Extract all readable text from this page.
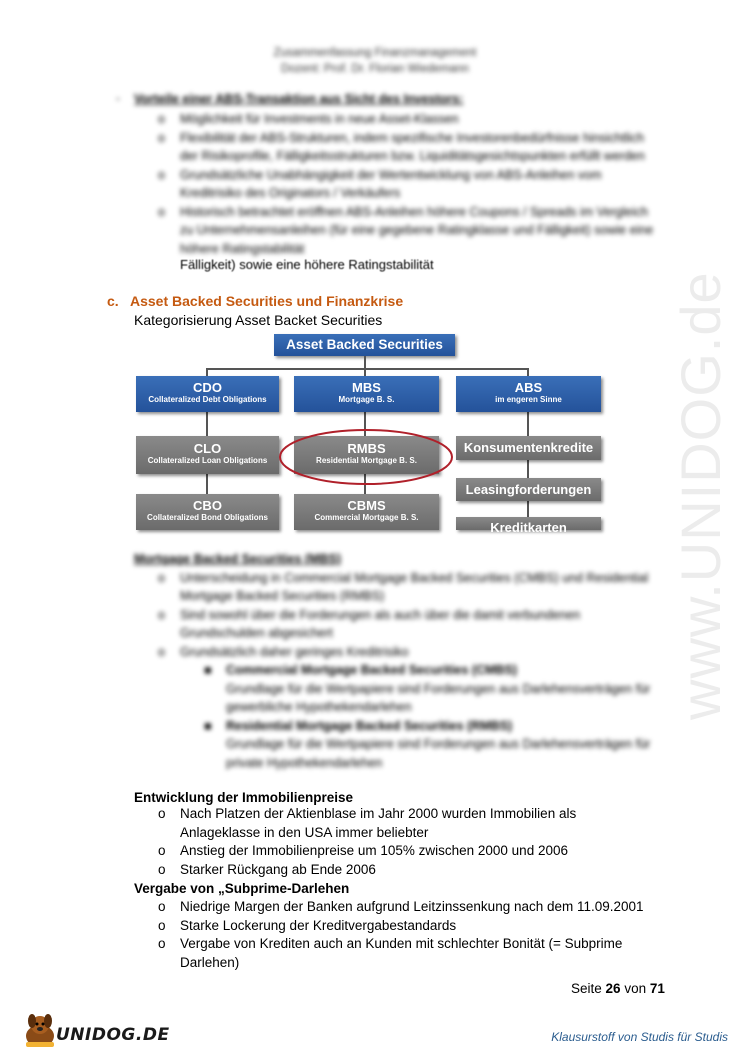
www.UNIDOG.de
Zusammenfassung Finanzmanagement
Dozent: Prof. Dr. Florian Wiedemann
- Vorteile einer ABS-Transaktion aus Sicht des Investors:
o Möglichkeit für Investments in neue Asset-Klassen
o Flexibilität der ABS-Strukturen, indem spezifische Investorenbedürfnisse hinsichtlich der Risikoprofile, Fälligkeitsstrukturen bzw. Liquiditätsgesichtspunkten erfüllt werden
o Grundsätzliche Unabhängigkeit der Wertentwicklung von ABS-Anleihen vom Kreditrisiko des Originators / Verkäufers
o Historisch betrachtet eröffnen ABS-Anleihen höhere Coupons / Spreads im Vergleich zu Unternehmensanleihen (für eine gegebene Ratingklasse und Fälligkeit) sowie eine höhere Ratingstabilität
Fälligkeit) sowie eine höhere Ratingstabilität
c. Asset Backed Securities und Finanzkrise
Kategorisierung Asset Backet Securities
Asset Backed Securities
CDO
Collateralized Debt Obligations
MBS
Mortgage B. S.
ABS
im engeren Sinne
CLO
Collateralized Loan Obligations
RMBS
Residential Mortgage B. S.
Konsumentenkredite
CBO
Collateralized Bond Obligations
CBMS
Commercial Mortgage B. S.
Leasingforderungen
Kreditkarten
Mortgage Backed Securities (MBS)
o Unterscheidung in Commercial Mortgage Backed Securities (CMBS) und Residential Mortgage Backed Securities (RMBS)
o Sind sowohl über die Forderungen als auch über die damit verbundenen Grundschulden abgesichert
o Grundsätzlich daher geringes Kreditrisiko
■ Commercial Mortgage Backed Securities (CMBS)
Grundlage für die Wertpapiere sind Forderungen aus Darlehensverträgen für gewerbliche Hypothekendarlehen
■ Residential Mortgage Backed Securities (RMBS)
Grundlage für die Wertpapiere sind Forderungen aus Darlehensverträgen für private Hypothekendarlehen
Entwicklung der Immobilienpreise
o Nach Platzen der Aktienblase im Jahr 2000 wurden Immobilien als
Anlageklasse in den USA immer beliebter
o Anstieg der Immobilienpreise um 105% zwischen 2000 und 2006
o Starker Rückgang ab Ende 2006
Vergabe von „Subprime-Darlehen
o Niedrige Margen der Banken aufgrund Leitzinssenkung nach dem 11.09.2001
o Starke Lockerung der Kreditvergabestandards
o Vergabe von Krediten auch an Kunden mit schlechter Bonität (= Subprime
Darlehen)
Seite 26 von 71
UNIDOG.DE	Klausurstoff von Studis für Studis
